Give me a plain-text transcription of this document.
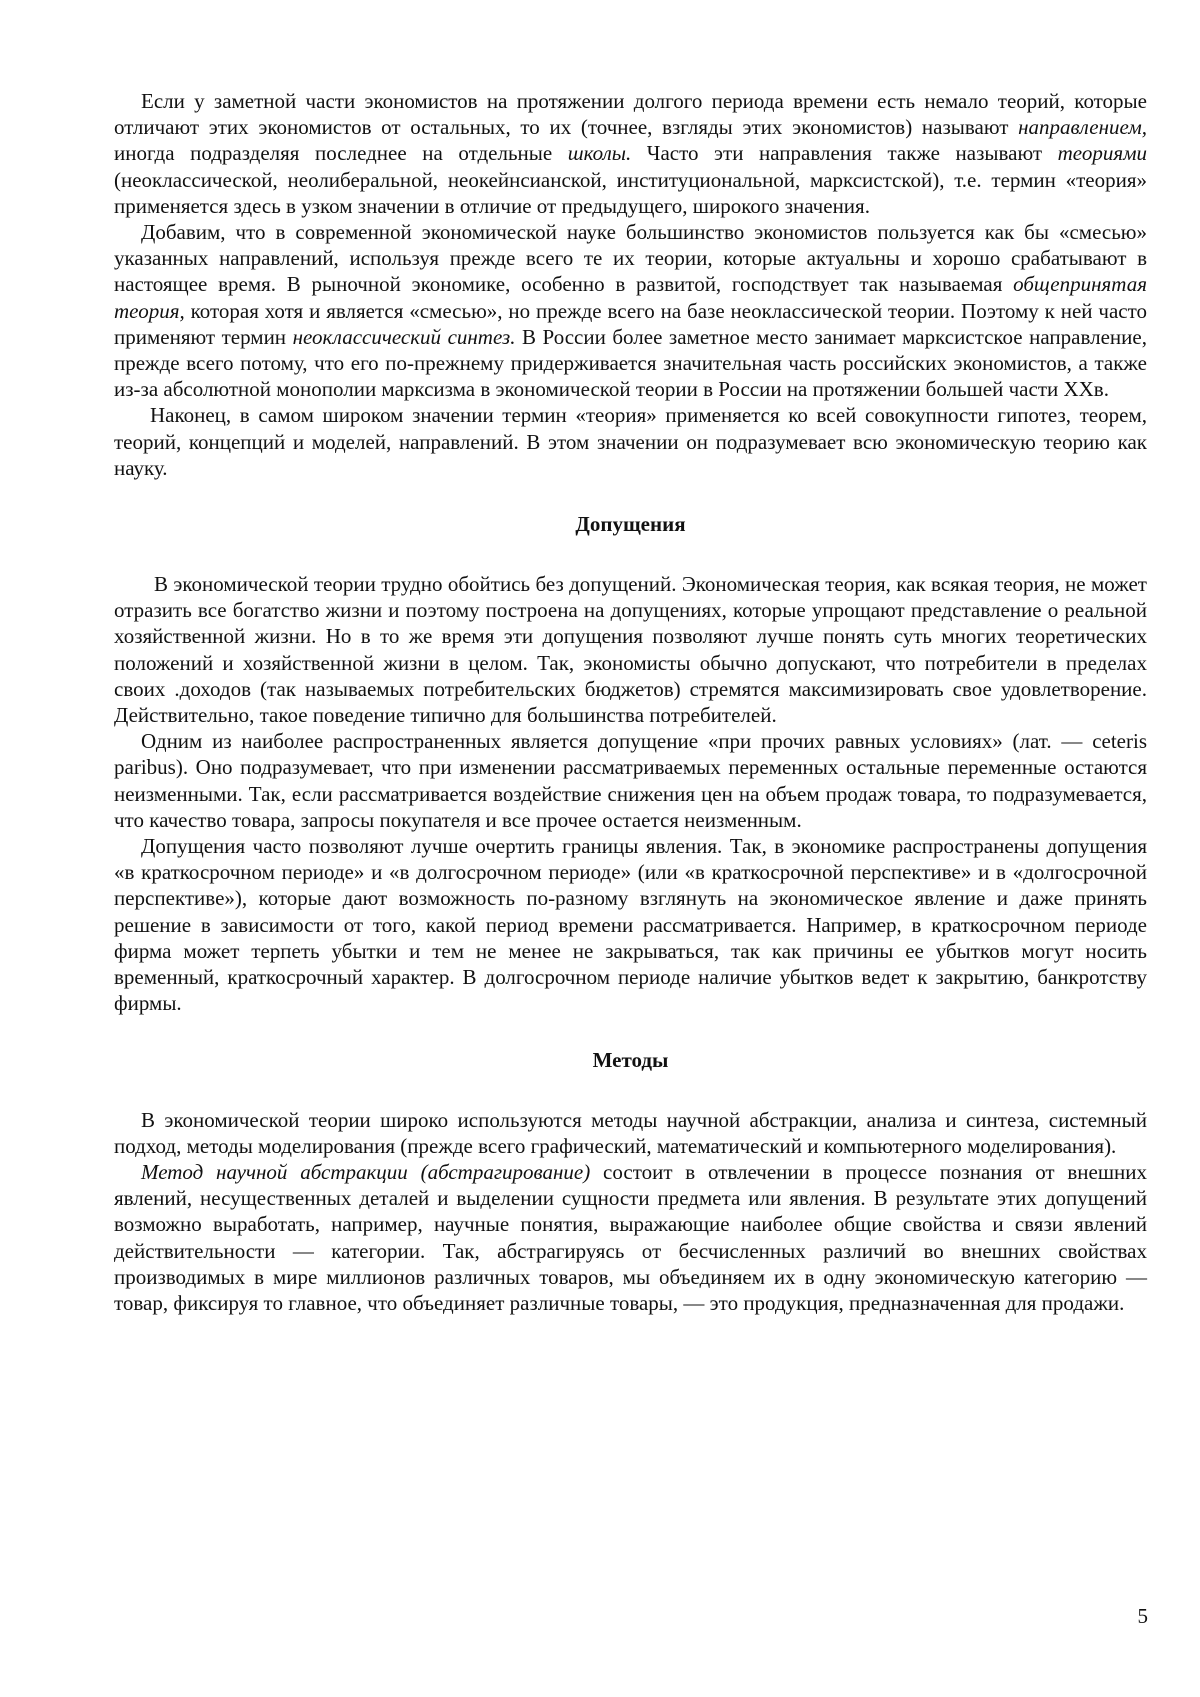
Если у заметной части экономистов на протяжении долгого периода времени есть немало теорий, которые отличают этих экономистов от остальных, то их (точнее, взгляды этих экономистов) называют направлением, иногда подразделяя последнее на отдельные школы. Часто эти направления также называют теориями (неоклассической, неолиберальной, неокейнсианской, институциональной, марксистской), т.е. термин «теория» применяется здесь в узком значении в отличие от предыдущего, широкого значения.

Добавим, что в современной экономической науке большинство экономистов пользуется как бы «смесью» указанных направлений, используя прежде всего те их теории, которые актуальны и хорошо срабатывают в настоящее время. В рыночной экономике, особенно в развитой, господствует так называемая общепринятая теория, которая хотя и является «смесью», но прежде всего на базе неоклассической теории. Поэтому к ней часто применяют термин неоклассический синтез. В России более заметное место занимает марксистское направление, прежде всего потому, что его по-прежнему придерживается значительная часть российских экономистов, а также из-за абсолютной монополии марксизма в экономической теории в России на протяжении большей части ХХв.

Наконец, в самом широком значении термин «теория» применяется ко всей совокупности гипотез, теорем, теорий, концепций и моделей, направлений. В этом значении он подразумевает всю экономическую теорию как науку.

Допущения

В экономической теории трудно обойтись без допущений. Экономическая теория, как всякая теория, не может отразить все богатство жизни и поэтому построена на допущениях, которые упрощают представление о реальной хозяйственной жизни. Но в то же время эти допущения позволяют лучше понять суть многих теоретических положений и хозяйственной жизни в целом. Так, экономисты обычно допускают, что потребители в пределах своих .доходов (так называемых потребительских бюджетов) стремятся максимизировать свое удовлетворение. Действительно, такое поведение типично для большинства потребителей.

Одним из наиболее распространенных является допущение «при прочих равных условиях» (лат. — ceteris paribus). Оно подразумевает, что при изменении рассматриваемых переменных остальные переменные остаются неизменными. Так, если рассматривается воздействие снижения цен на объем продаж товара, то подразумевается, что качество товара, запросы покупателя и все прочее остается неизменным.

Допущения часто позволяют лучше очертить границы явления. Так, в экономике распространены допущения «в краткосрочном периоде» и «в долгосрочном периоде» (или «в краткосрочной перспективе» и в «долгосрочной перспективе»), которые дают возможность по-разному взглянуть на экономическое явление и даже принять решение в зависимости от того, какой период времени рассматривается. Например, в краткосрочном периоде фирма может терпеть убытки и тем не менее не закрываться, так как причины ее убытков могут носить временный, краткосрочный характер. В долгосрочном периоде наличие убытков ведет к закрытию, банкротству фирмы.

Методы

В экономической теории широко используются методы научной абстракции, анализа и синтеза, системный подход, методы моделирования (прежде всего графический, математический и компьютерного моделирования).

Метод научной абстракции (абстрагирование) состоит в отвлечении в процессе познания от внешних явлений, несущественных деталей и выделении сущности предмета или явления. В результате этих допущений возможно выработать, например, научные понятия, выражающие наиболее общие свойства и связи явлений действительности — категории. Так, абстрагируясь от бесчисленных различий во внешних свойствах производимых в мире миллионов различных товаров, мы объединяем их в одну экономическую категорию — товар, фиксируя то главное, что объединяет различные товары, — это продукция, предназначенная для продажи.

5
